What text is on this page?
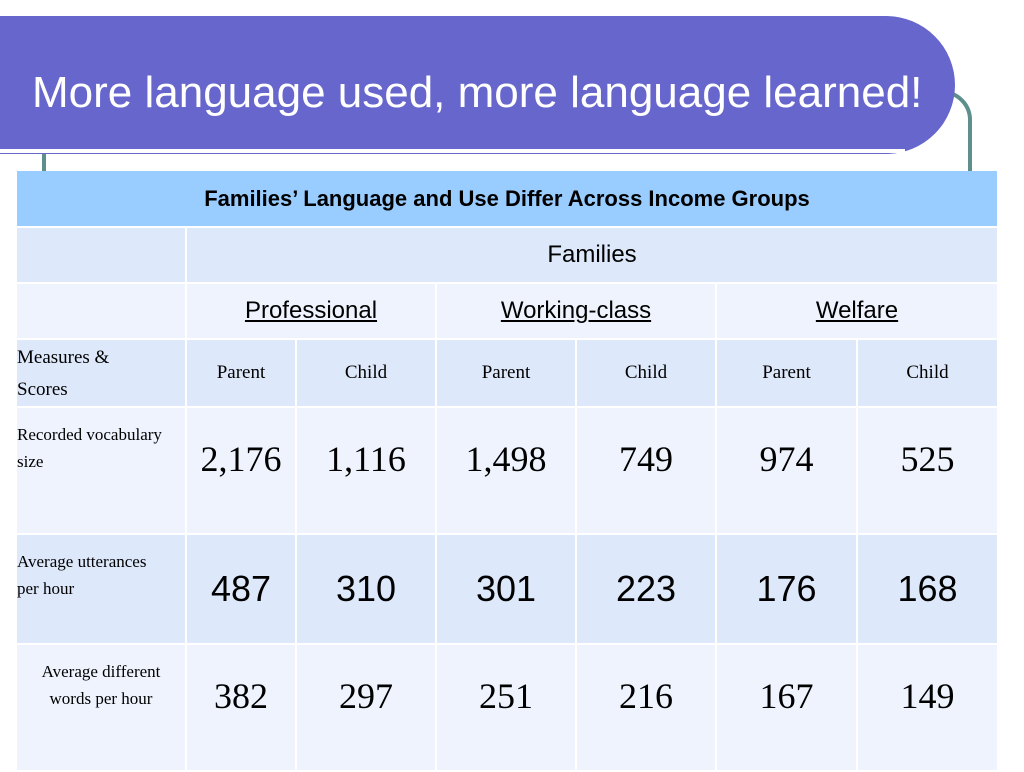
More language used, more language learned!
Families’ Language and Use Differ Across Income Groups						
	Families					
	Professional		Working-class		Welfare	
Measures &
Scores	Parent	Child	Parent	Child	Parent	Child
Recorded vocabulary
size	2,176	1,116	1,498	749	974	525
Average utterances
per hour	487	310	301	223	176	168
Average different
words per hour	382	297	251	216	167	149
